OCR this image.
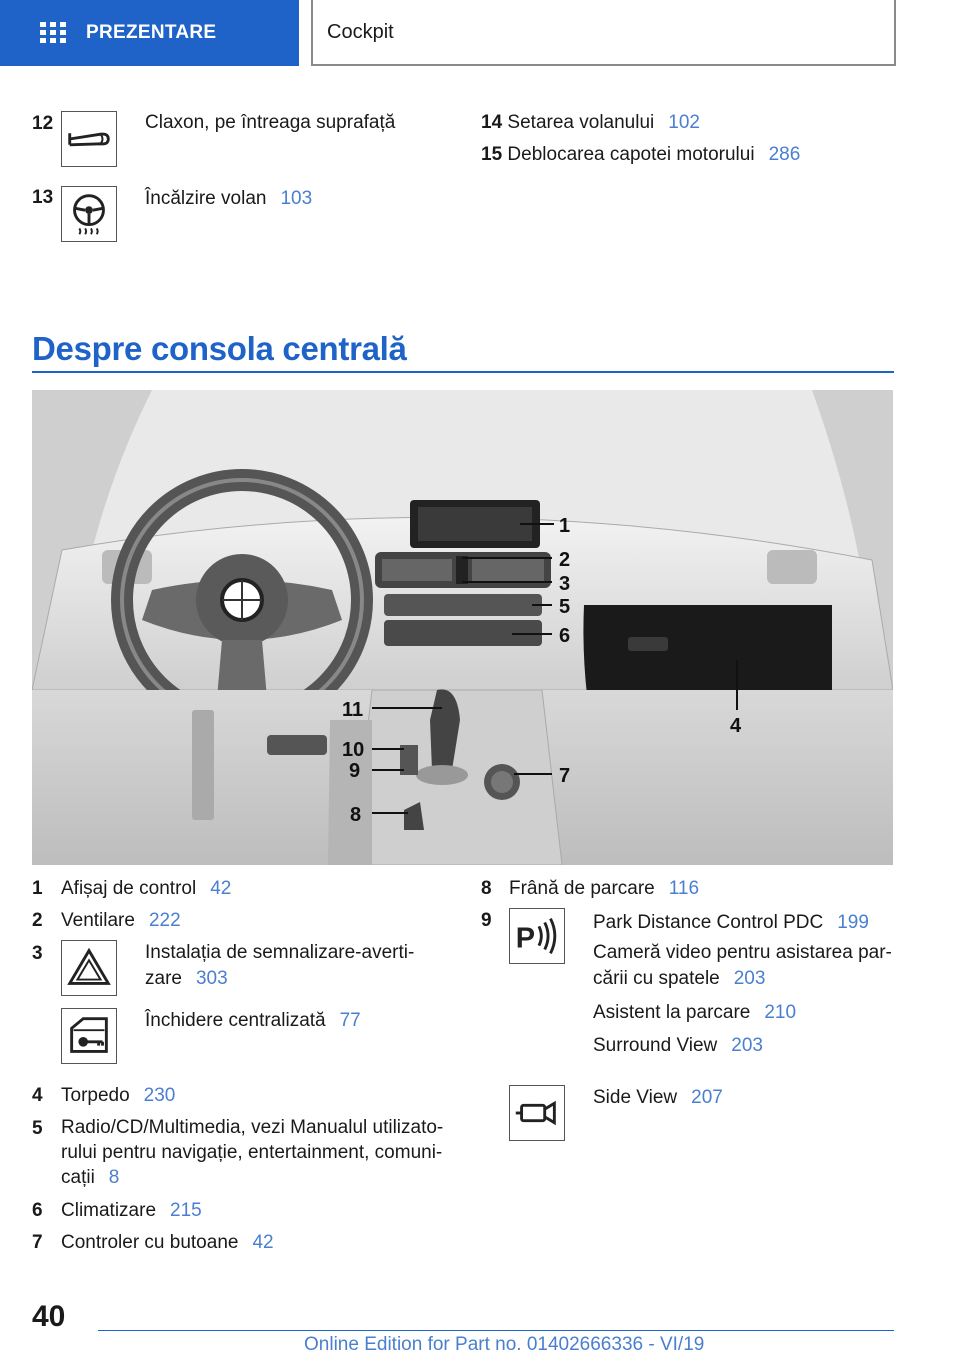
PREZENTARE	Cockpit
12	Claxon, pe întreaga suprafață
13	Încălzire volan 103
14 Setarea volanului 102
15 Deblocarea capotei motorului 286
Despre consola centrală
1
2
3
5
6
4
11
10
9
8
7
1 Afișaj de control 42
2 Ventilare 222
3	Instalația de semnalizare-averti-
zare 303
Închidere centralizată 77
4 Torpedo 230
5 Radio/CD/Multimedia, vezi Manualul utilizato-
rului pentru navigație, entertainment, comuni-
cații 8
6 Climatizare 215
7 Controler cu butoane 42
8 Frână de parcare 116
9
P
Park Distance Control PDC 199
Cameră video pentru asistarea par-
cării cu spatele 203
Asistent la parcare 210
Surround View 203
Side View 207
40
Online Edition for Part no. 01402666336 - VI/19
